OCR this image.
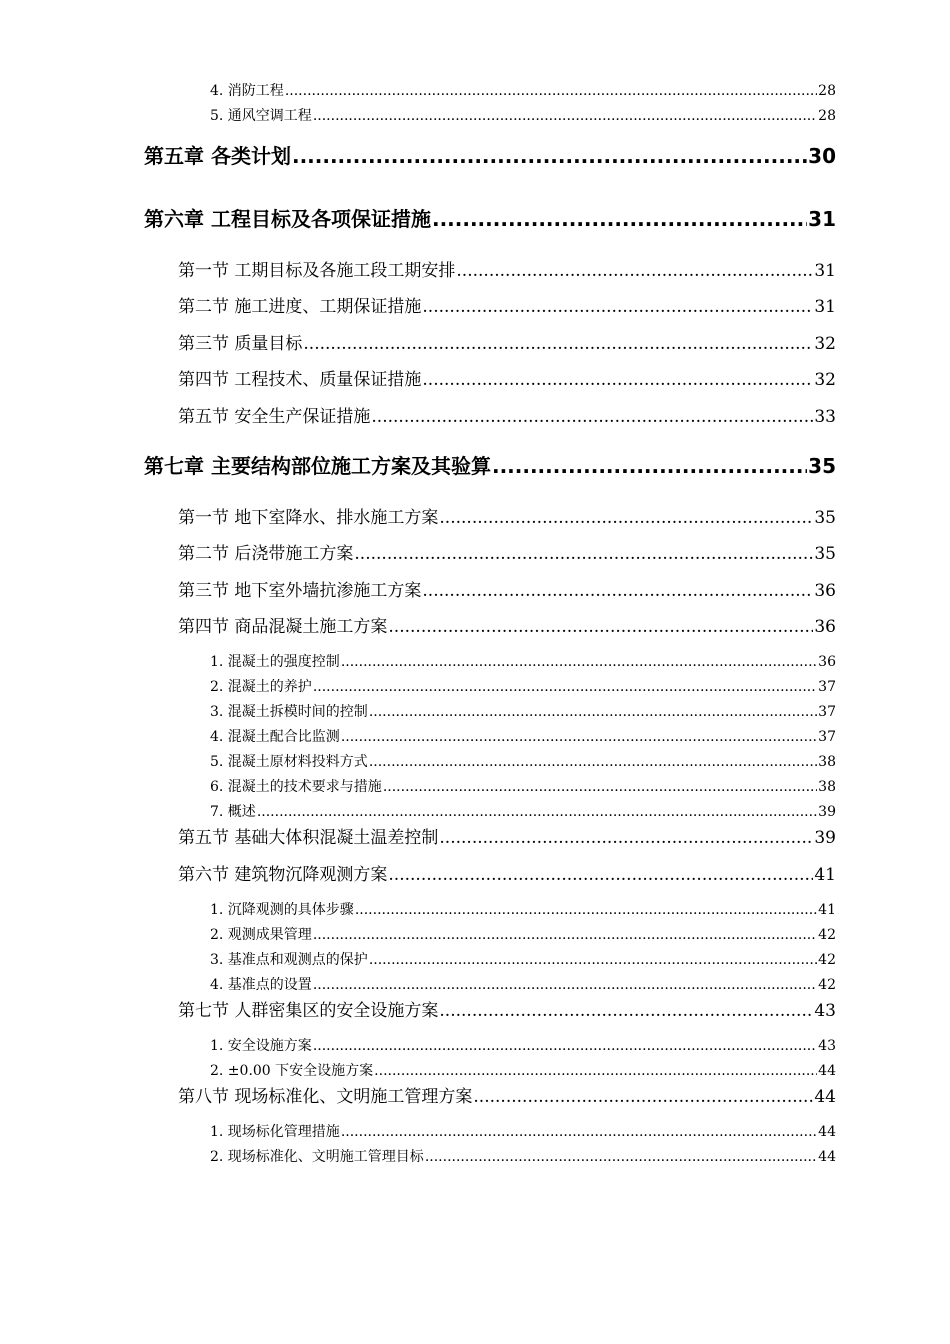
4. 消防工程 .....	28
5. 通风空调工程 .....	28
第五章 各类计划 .....	30
第六章 工程目标及各项保证措施 .....	31
第一节 工期目标及各施工段工期安排 .....	31
第二节 施工进度、工期保证措施 .....	31
第三节 质量目标 .....	32
第四节 工程技术、质量保证措施 .....	32
第五节 安全生产保证措施 .....	33
第七章 主要结构部位施工方案及其验算 .....	35
第一节 地下室降水、排水施工方案 .....	35
第二节 后浇带施工方案 .....	35
第三节 地下室外墙抗渗施工方案 .....	36
第四节 商品混凝土施工方案 .....	36
1. 混凝土的强度控制 .....	36
2. 混凝土的养护 .....	37
3. 混凝土拆模时间的控制 .....	37
4. 混凝土配合比监测 .....	37
5. 混凝土原材料投料方式 .....	38
6. 混凝土的技术要求与措施 .....	38
7. 概述 .....	39
第五节 基础大体积混凝土温差控制 .....	39
第六节 建筑物沉降观测方案 .....	41
1. 沉降观测的具体步骤 .....	41
2. 观测成果管理 .....	42
3. 基准点和观测点的保护 .....	42
4. 基准点的设置 .....	42
第七节 人群密集区的安全设施方案 .....	43
1. 安全设施方案 .....	43
2. ±0.00 下安全设施方案 .....	44
第八节 现场标准化、文明施工管理方案 .....	44
1. 现场标化管理措施 .....	44
2. 现场标准化、文明施工管理目标 .....	44
